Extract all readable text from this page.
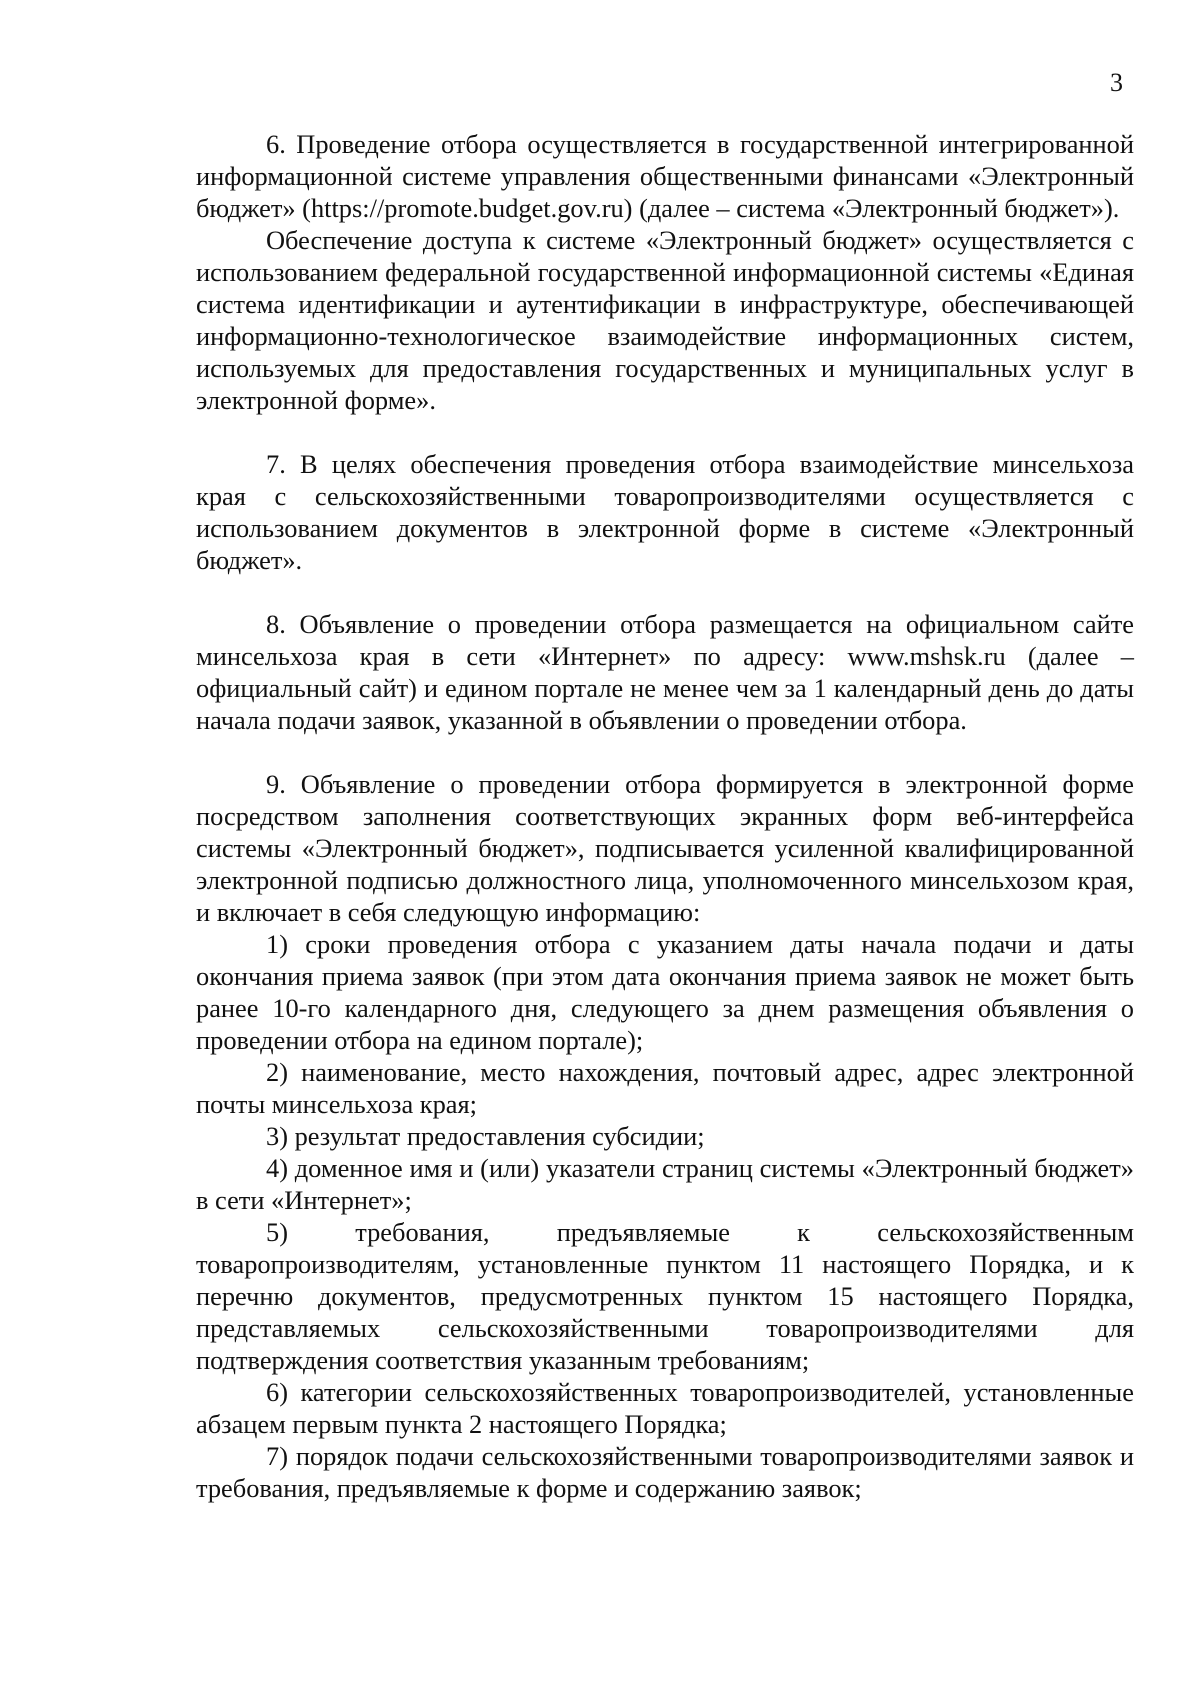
3

6. Проведение отбора осуществляется в государственной интегрированной информационной системе управления общественными финансами «Электронный бюджет» (https://promote.budget.gov.ru) (далее – система «Электронный бюджет»).

Обеспечение доступа к системе «Электронный бюджет» осуществляется с использованием федеральной государственной информационной системы «Единая система идентификации и аутентификации в инфраструктуре, обеспечивающей информационно-технологическое взаимодействие информационных систем, используемых для предоставления государственных и муниципальных услуг в электронной форме».

7. В целях обеспечения проведения отбора взаимодействие минсельхоза края с сельскохозяйственными товаропроизводителями осуществляется с использованием документов в электронной форме в системе «Электронный бюджет».

8. Объявление о проведении отбора размещается на официальном сайте минсельхоза края в сети «Интернет» по адресу: www.mshsk.ru (далее – официальный сайт) и едином портале не менее чем за 1 календарный день до даты начала подачи заявок, указанной в объявлении о проведении отбора.

9. Объявление о проведении отбора формируется в электронной форме посредством заполнения соответствующих экранных форм веб-интерфейса системы «Электронный бюджет», подписывается усиленной квалифицированной электронной подписью должностного лица, уполномоченного минсельхозом края, и включает в себя следующую информацию:

1) сроки проведения отбора с указанием даты начала подачи и даты окончания приема заявок (при этом дата окончания приема заявок не может быть ранее 10-го календарного дня, следующего за днем размещения объявления о проведении отбора на едином портале);

2) наименование, место нахождения, почтовый адрес, адрес электронной почты минсельхоза края;

3) результат предоставления субсидии;

4) доменное имя и (или) указатели страниц системы «Электронный бюджет» в сети «Интернет»;

5) требования, предъявляемые к сельскохозяйственным товаропроизводителям, установленные пунктом 11 настоящего Порядка, и к перечню документов, предусмотренных пунктом 15 настоящего Порядка, представляемых сельскохозяйственными товаропроизводителями для подтверждения соответствия указанным требованиям;

6) категории сельскохозяйственных товаропроизводителей, установленные абзацем первым пункта 2 настоящего Порядка;

7) порядок подачи сельскохозяйственными товаропроизводителями заявок и требования, предъявляемые к форме и содержанию заявок;
